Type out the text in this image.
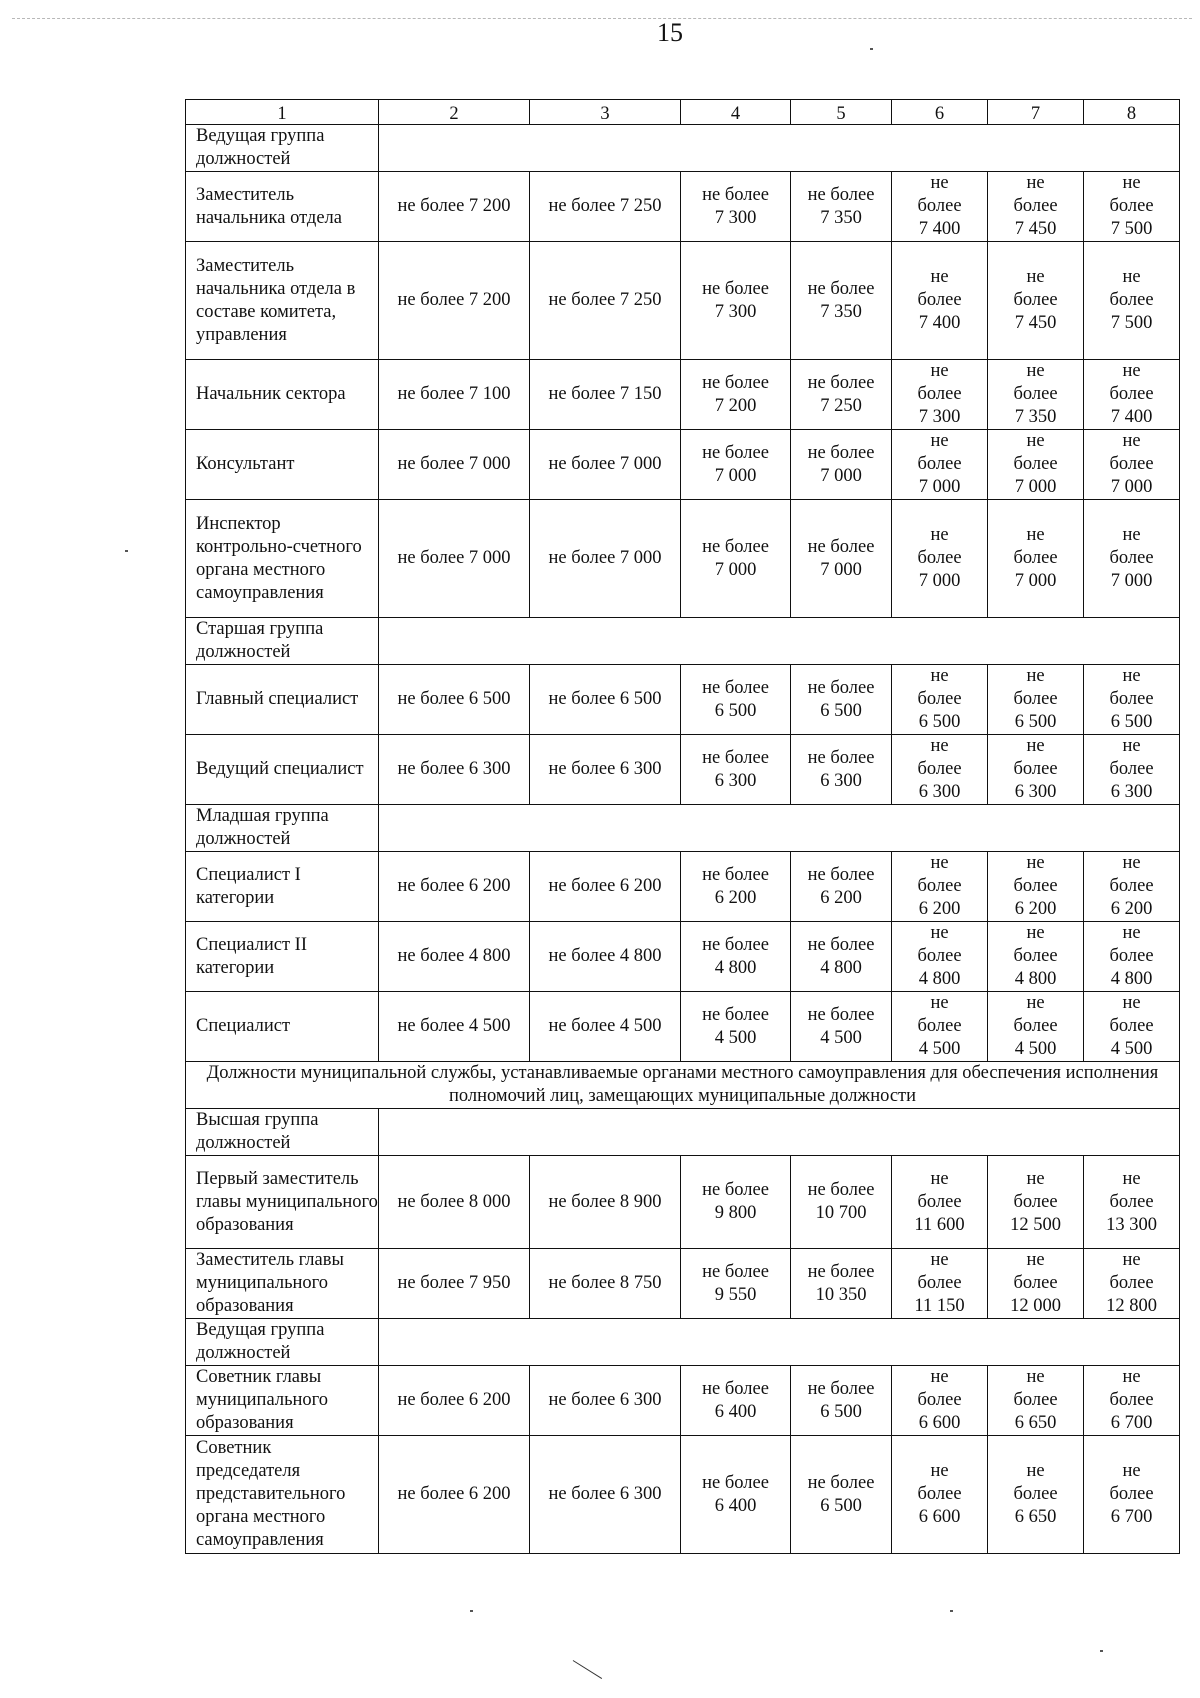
15
1	2	3	4	5	6	7	8
Ведущая группа должностей							
Заместитель начальника отдела	не более 7 200	не более 7 250	не более 7 300	не более 7 350	не более 7 400	не более 7 450	не более 7 500
Заместитель начальника отдела в составе комитета, управления	не более 7 200	не более 7 250	не более 7 300	не более 7 350	не более 7 400	не более 7 450	не более 7 500
Начальник сектора	не более 7 100	не более 7 150	не более 7 200	не более 7 250	не более 7 300	не более 7 350	не более 7 400
Консультант	не более 7 000	не более 7 000	не более 7 000	не более 7 000	не более 7 000	не более 7 000	не более 7 000
Инспектор контрольно-счетного органа местного самоуправления	не более 7 000	не более 7 000	не более 7 000	не более 7 000	не более 7 000	не более 7 000	не более 7 000
Старшая группа должностей							
Главный специалист	не более 6 500	не более 6 500	не более 6 500	не более 6 500	не более 6 500	не более 6 500	не более 6 500
Ведущий специалист	не более 6 300	не более 6 300	не более 6 300	не более 6 300	не более 6 300	не более 6 300	не более 6 300
Младшая группа должностей							
Специалист I категории	не более 6 200	не более 6 200	не более 6 200	не более 6 200	не более 6 200	не более 6 200	не более 6 200
Специалист II категории	не более 4 800	не более 4 800	не более 4 800	не более 4 800	не более 4 800	не более 4 800	не более 4 800
Специалист	не более 4 500	не более 4 500	не более 4 500	не более 4 500	не более 4 500	не более 4 500	не более 4 500
Должности муниципальной службы, устанавливаемые органами местного самоуправления для обеспечения исполнения полномочий лиц, замещающих муниципальные должности							
Высшая группа должностей							
Первый заместитель главы муниципального образования	не более 8 000	не более 8 900	не более 9 800	не более 10 700	не более 11 600	не более 12 500	не более 13 300
Заместитель главы муниципального образования	не более 7 950	не более 8 750	не более 9 550	не более 10 350	не более 11 150	не более 12 000	не более 12 800
Ведущая группа должностей							
Советник главы муниципального образования	не более 6 200	не более 6 300	не более 6 400	не более 6 500	не более 6 600	не более 6 650	не более 6 700
Советник председателя представительного органа местного самоуправления	не более 6 200	не более 6 300	не более 6 400	не более 6 500	не более 6 600	не более 6 650	не более 6 700
